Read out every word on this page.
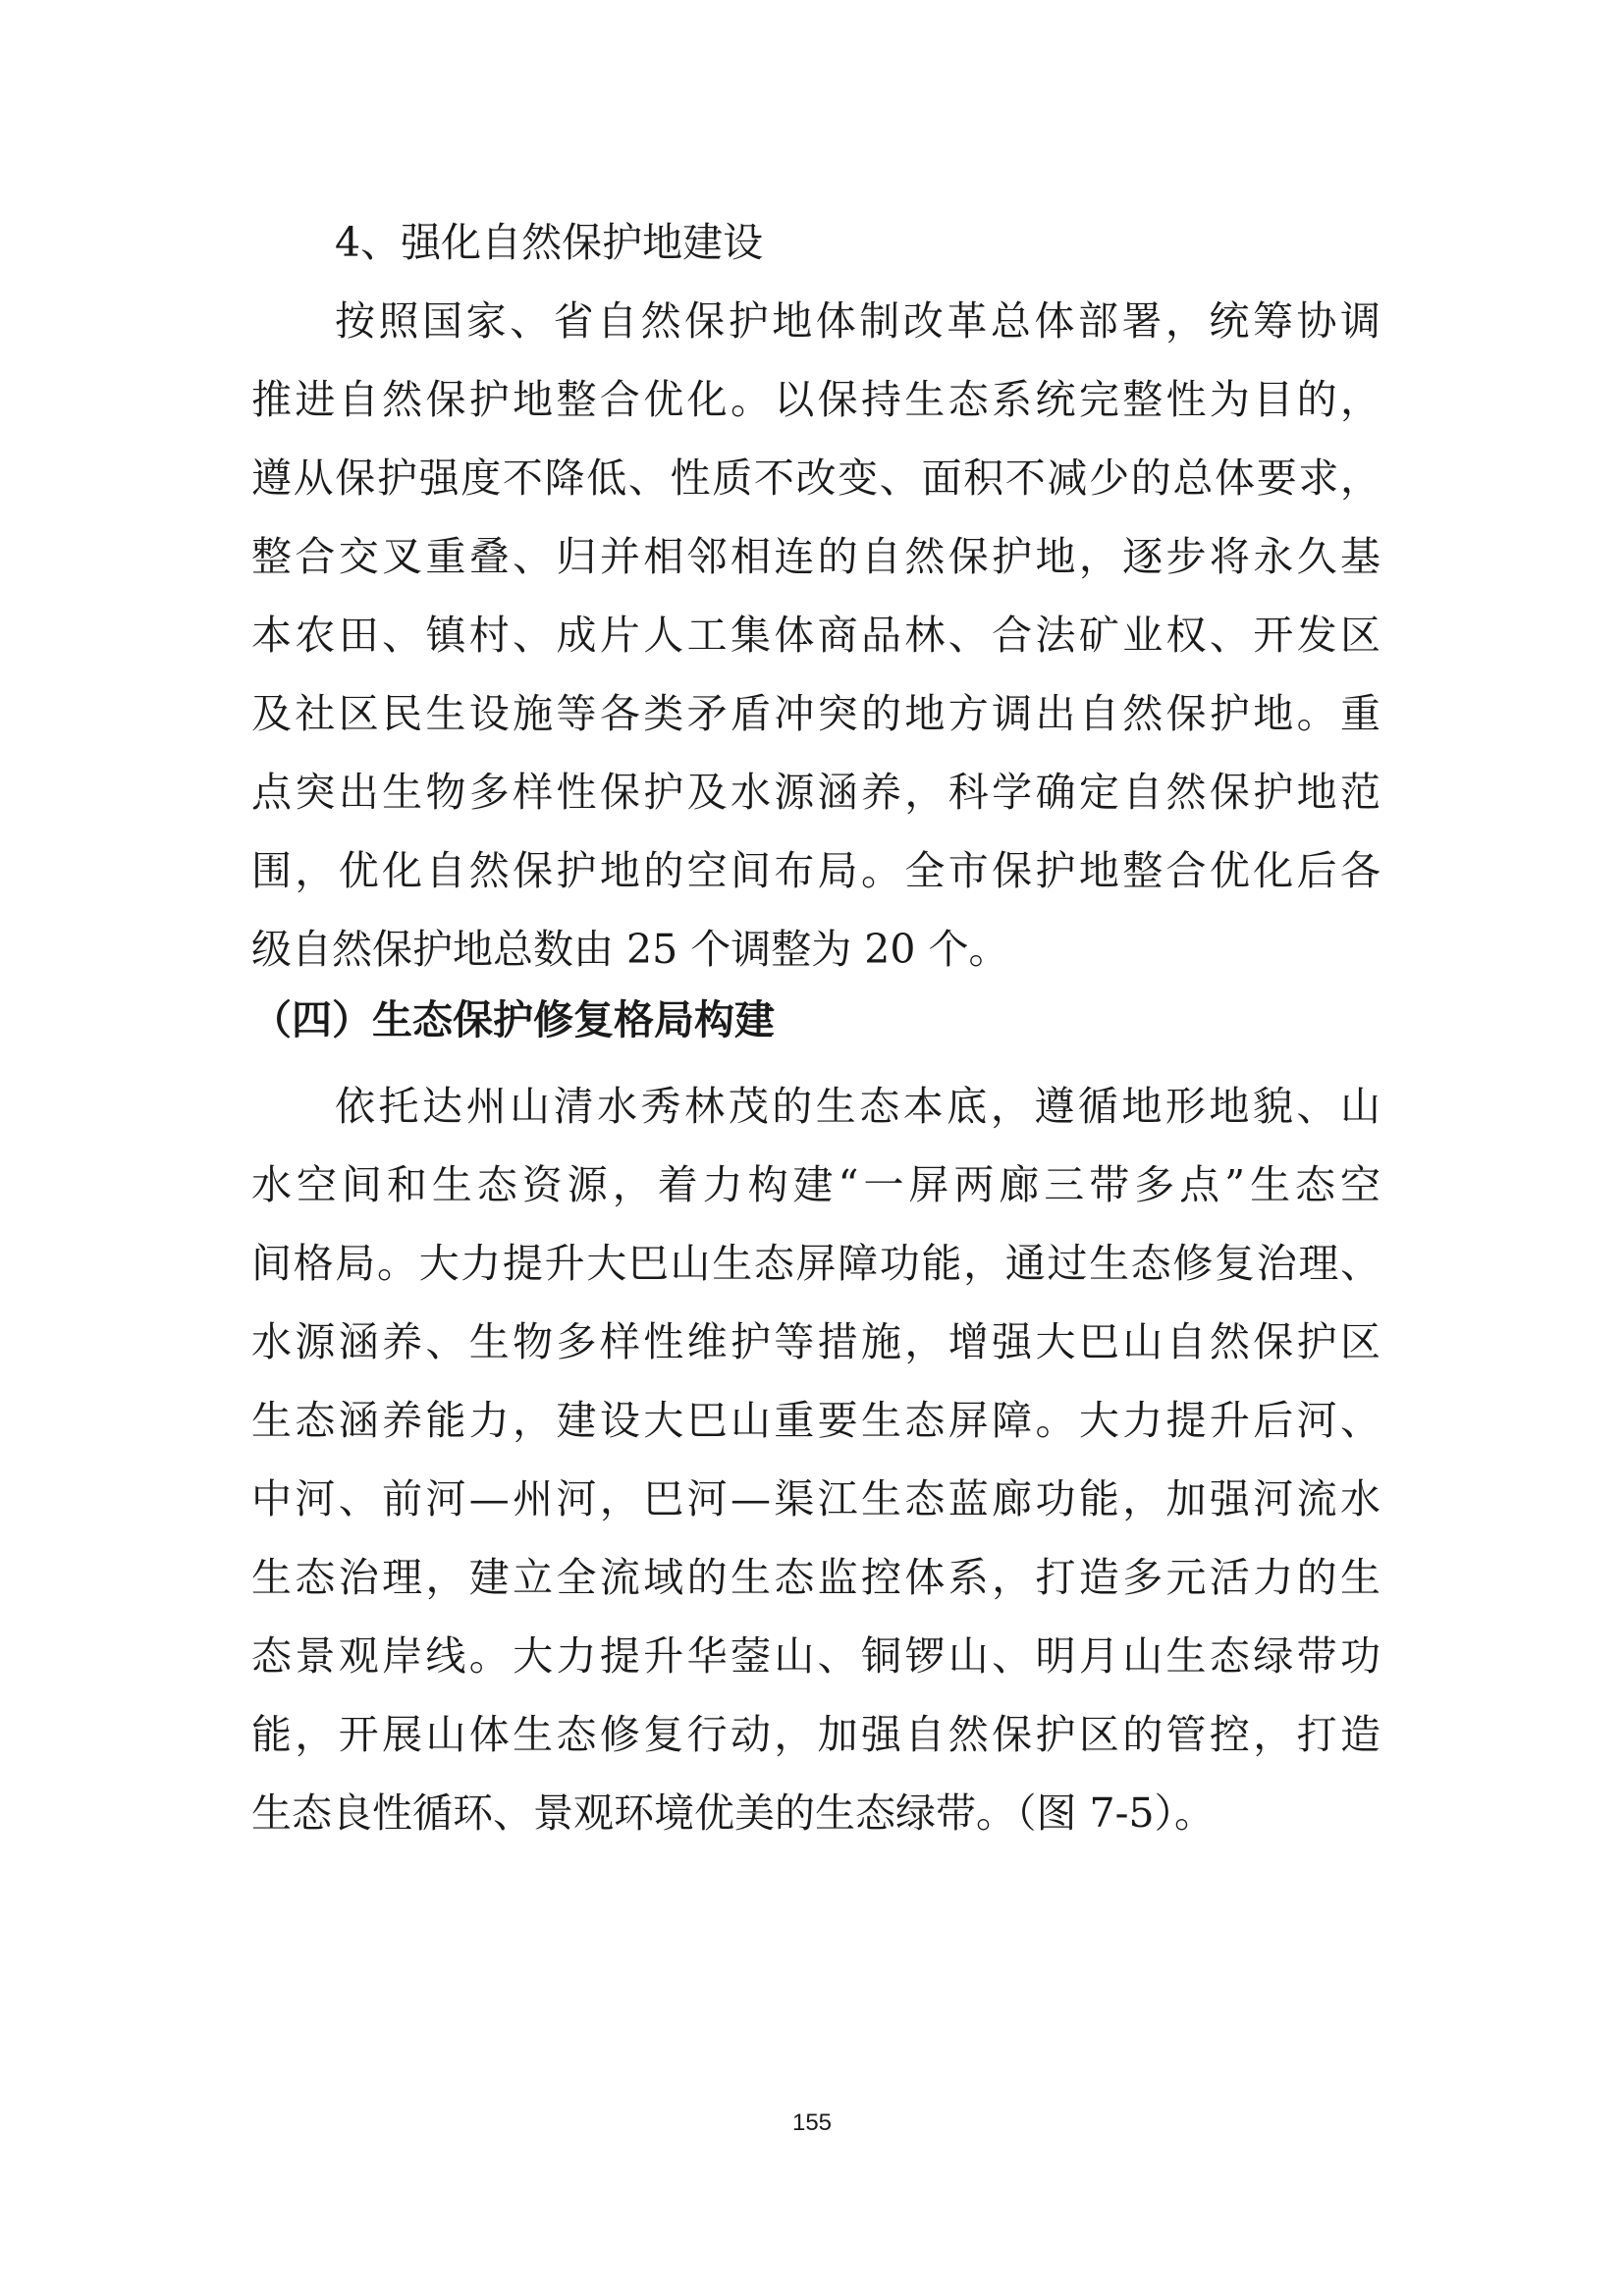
4、强化自然保护地建设

按照国家、省自然保护地体制改革总体部署，统筹协调

推进自然保护地整合优化。以保持生态系统完整性为目的，

遵从保护强度不降低、性质不改变、面积不减少的总体要求，

整合交叉重叠、归并相邻相连的自然保护地，逐步将永久基

本农田、镇村、成片人工集体商品林、合法矿业权、开发区

及社区民生设施等各类矛盾冲突的地方调出自然保护地。重

点突出生物多样性保护及水源涵养，科学确定自然保护地范

围，优化自然保护地的空间布局。全市保护地整合优化后各

级自然保护地总数由 25 个调整为 20 个。

（四）生态保护修复格局构建

依托达州山清水秀林茂的生态本底，遵循地形地貌、山

水空间和生态资源，着力构建“一屏两廊三带多点”生态空

间格局。大力提升大巴山生态屏障功能，通过生态修复治理、

水源涵养、生物多样性维护等措施，增强大巴山自然保护区

生态涵养能力，建设大巴山重要生态屏障。大力提升后河、

中河、前河—州河，巴河—渠江生态蓝廊功能，加强河流水

生态治理，建立全流域的生态监控体系，打造多元活力的生

态景观岸线。大力提升华蓥山、铜锣山、明月山生态绿带功

能，开展山体生态修复行动，加强自然保护区的管控，打造

生态良性循环、景观环境优美的生态绿带。（图 7-5）。

155
